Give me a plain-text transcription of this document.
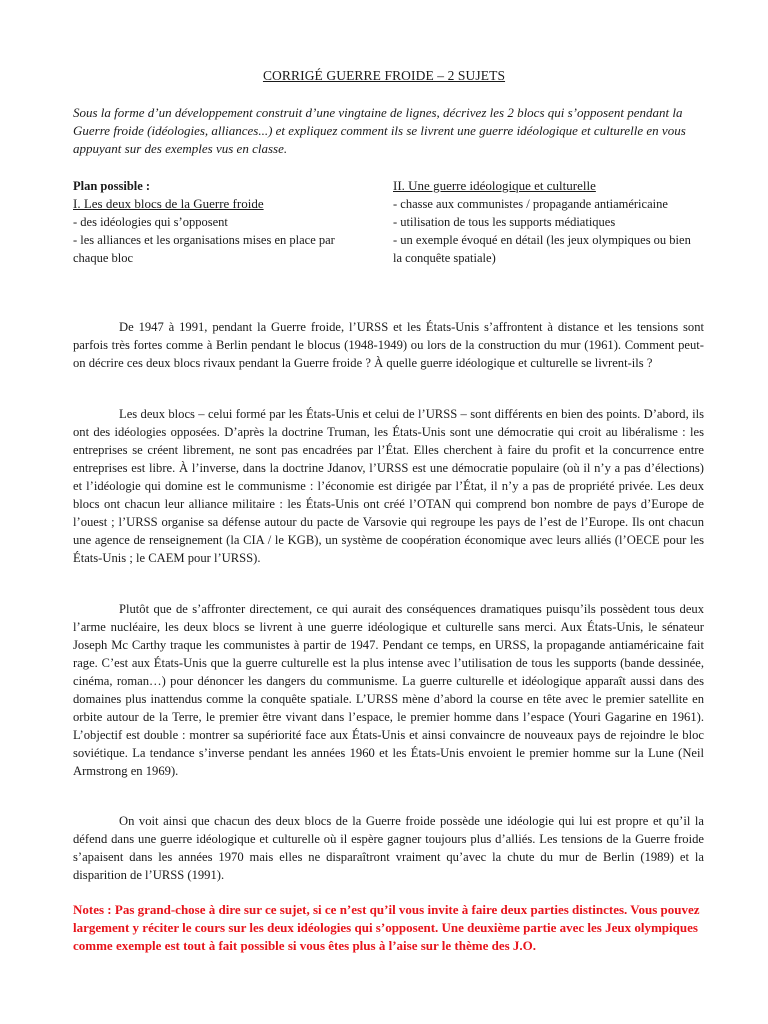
CORRIGÉ GUERRE FROIDE – 2 SUJETS
Sous la forme d’un développement construit d’une vingtaine de lignes, décrivez les 2 blocs qui s’opposent pendant la Guerre froide (idéologies, alliances...) et expliquez comment ils se livrent une guerre idéologique et culturelle en vous appuyant sur des exemples vus en classe.
Plan possible :
I. Les deux blocs de la Guerre froide
- des idéologies qui s’opposent
- les alliances et les organisations mises en place par chaque bloc
II. Une guerre idéologique et culturelle
- chasse aux communistes / propagande antiaméricaine
- utilisation de tous les supports médiatiques
- un exemple évoqué en détail (les jeux olympiques ou bien la conquête spatiale)
De 1947 à 1991, pendant la Guerre froide, l’URSS et les États-Unis s’affrontent à distance et les tensions sont parfois très fortes comme à Berlin pendant le blocus (1948-1949) ou lors de la construction du mur (1961). Comment peut-on décrire ces deux blocs rivaux pendant la Guerre froide ? À quelle guerre idéologique et culturelle se livrent-ils ?
Les deux blocs – celui formé par les États-Unis et celui de l’URSS – sont différents en bien des points. D’abord, ils ont des idéologies opposées. D’après la doctrine Truman, les États-Unis sont une démocratie qui croit au libéralisme : les entreprises se créent librement, ne sont pas encadrées par l’État. Elles cherchent à faire du profit et la concurrence entre entreprises est libre. À l’inverse, dans la doctrine Jdanov, l’URSS est une démocratie populaire (où il n’y a pas d’élections) et l’idéologie qui domine est le communisme : l’économie est dirigée par l’État, il n’y a pas de propriété privée. Les deux blocs ont chacun leur alliance militaire : les États-Unis ont créé l’OTAN qui comprend bon nombre de pays d’Europe de l’ouest ; l’URSS organise sa défense autour du pacte de Varsovie qui regroupe les pays de l’est de l’Europe. Ils ont chacun une agence de renseignement (la CIA / le KGB), un système de coopération économique avec leurs alliés (l’OECE pour les États-Unis ; le CAEM pour l’URSS).
Plutôt que de s’affronter directement, ce qui aurait des conséquences dramatiques puisqu’ils possèdent tous deux l’arme nucléaire, les deux blocs se livrent à une guerre idéologique et culturelle sans merci. Aux États-Unis, le sénateur Joseph Mc Carthy traque les communistes à partir de 1947. Pendant ce temps, en URSS, la propagande antiaméricaine fait rage. C’est aux États-Unis que la guerre culturelle est la plus intense avec l’utilisation de tous les supports (bande dessinée, cinéma, roman…) pour dénoncer les dangers du communisme. La guerre culturelle et idéologique apparaît aussi dans des domaines plus inattendus comme la conquête spatiale. L’URSS mène d’abord la course en tête avec le premier satellite en orbite autour de la Terre, le premier être vivant dans l’espace, le premier homme dans l’espace (Youri Gagarine en 1961). L’objectif est double : montrer sa supériorité face aux États-Unis et ainsi convaincre de nouveaux pays de rejoindre le bloc soviétique. La tendance s’inverse pendant les années 1960 et les États-Unis envoient le premier homme sur la Lune (Neil Armstrong en 1969).
On voit ainsi que chacun des deux blocs de la Guerre froide possède une idéologie qui lui est propre et qu’il la défend dans une guerre idéologique et culturelle où il espère gagner toujours plus d’alliés. Les tensions de la Guerre froide s’apaisent dans les années 1970 mais elles ne disparaîtront vraiment qu’avec la chute du mur de Berlin (1989) et la disparition de l’URSS (1991).
Notes : Pas grand-chose à dire sur ce sujet, si ce n’est qu’il vous invite à faire deux parties distinctes. Vous pouvez largement y réciter le cours sur les deux idéologies qui s’opposent. Une deuxième partie avec les Jeux olympiques comme exemple est tout à fait possible si vous êtes plus à l’aise sur le thème des J.O.
